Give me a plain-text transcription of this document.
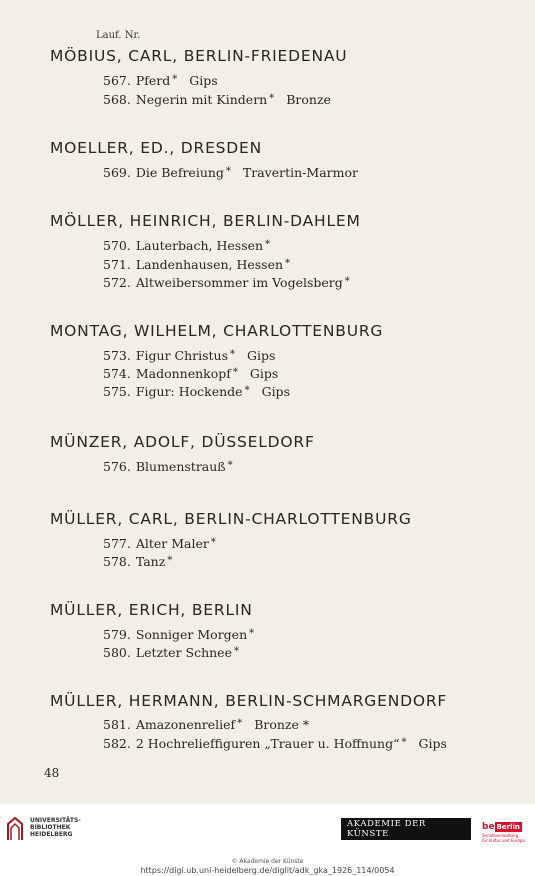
Lauf. Nr.
MÖBIUS, CARL, BERLIN-FRIEDENAU
567. Pferd * Gips
568. Negerin mit Kindern * Bronze
MOELLER, ED., DRESDEN
569. Die Befreiung * Travertin-Marmor
MÖLLER, HEINRICH, BERLIN-DAHLEM
570. Lauterbach, Hessen *
571. Landenhausen, Hessen *
572. Altweibersommer im Vogelsberg *
MONTAG, WILHELM, CHARLOTTENBURG
573. Figur Christus * Gips
574. Madonnenkopf * Gips
575. Figur: Hockende * Gips
MÜNZER, ADOLF, DÜSSELDORF
576. Blumenstrauß *
MÜLLER, CARL, BERLIN-CHARLOTTENBURG
577. Alter Maler *
578. Tanz *
MÜLLER, ERICH, BERLIN
579. Sonniger Morgen *
580. Letzter Schnee *
MÜLLER, HERMANN, BERLIN-SCHMARGENDORF
581. Amazonenrelief * Bronze *
582. 2 Hochreliefﬁguren „Trauer u. Hoffnung“ * Gips
48
UNIVERSITÄTS-
BIBLIOTHEK
HEIDELBERG
AKADEMIE DER KÜNSTE
be Berlin
Senatsverwaltung
für Kultur und Europa
© Akademie der Künste
https://digi.ub.uni-heidelberg.de/diglit/adk_gka_1926_114/0054
